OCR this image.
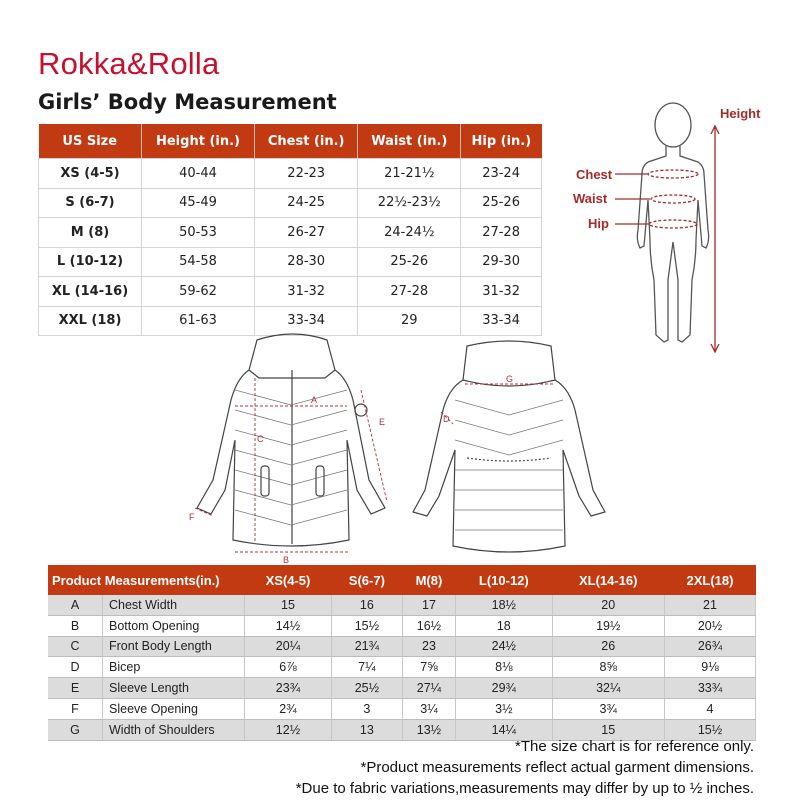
Rokka&Rolla
Girls’ Body Measurement
US Size	Height (in.)	Chest (in.)	Waist (in.)	Hip (in.)
XS (4-5)	40-44	22-23	21-21½	23-24
S (6-7)	45-49	24-25	22½-23½	25-26
M (8)	50-53	26-27	24-24½	27-28
L (10-12)	54-58	28-30	25-26	29-30
XL (14-16)	59-62	31-32	27-28	31-32
XXL (18)	61-63	33-34	29	33-34
Height
Chest
Waist
Hip
A
B
C
E
F
G
D
Product Measurements(in.)		XS(4-5)	S(6-7)	M(8)	L(10-12)	XL(14-16)	2XL(18)
A	Chest Width	15	16	17	18½	20	21
B	Bottom Opening	14½	15½	16½	18	19½	20½
C	Front Body Length	20¼	21¾	23	24½	26	26¾
D	Bicep	6⅞	7¼	7⅝	8⅛	8⅝	9⅛
E	Sleeve Length	23¾	25½	27¼	29¾	32¼	33¾
F	Sleeve Opening	2¾	3	3¼	3½	3¾	4
G	Width of Shoulders	12½	13	13½	14¼	15	15½
*The size chart is for reference only.
*Product measurements reflect actual garment dimensions.
*Due to fabric variations,measurements may differ by up to ½ inches.
